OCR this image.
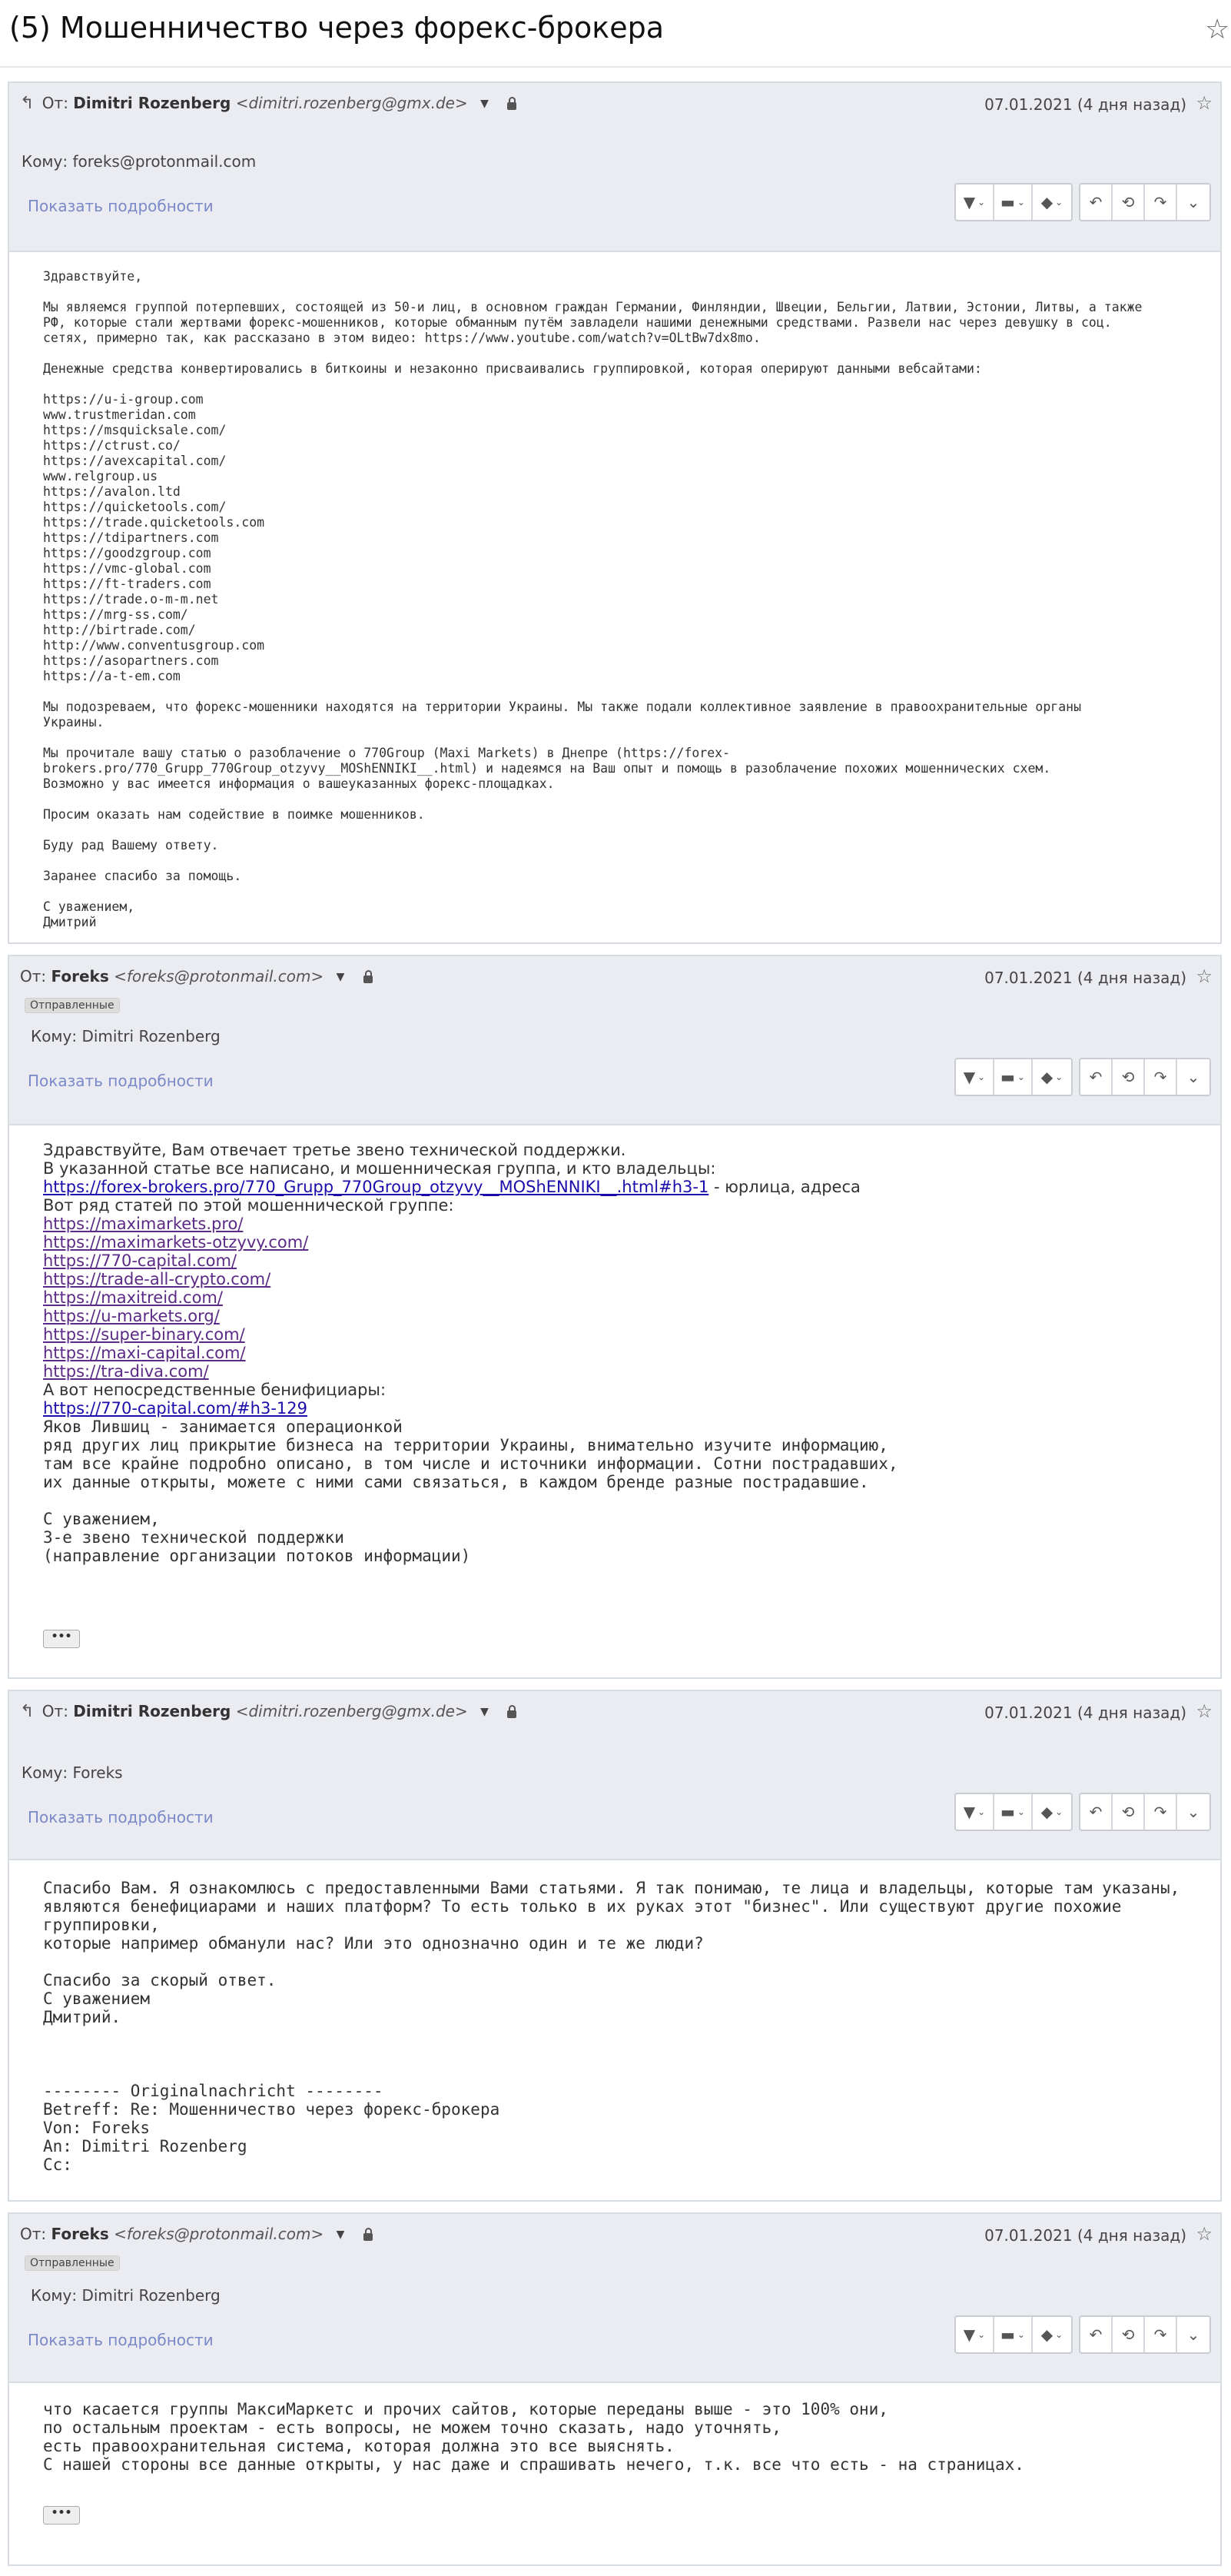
(5) Мошенничество через форекс-брокера	☆
↰ От: Dimitri Rozenberg <dimitri.rozenberg@gmx.de> ▼	07.01.2021 (4 дня назад) ☆
Кому: foreks@protonmail.com
Показать подробности	▼ ⌄ ▬ ⌄ ◆ ⌄ ↶ ⟲ ↷ ⌄
Здравствуйте,

Мы являемся группой потерпевших, состоящей из 50-и лиц, в основном граждан Германии, Финляндии, Швеции, Бельгии, Латвии, Эстонии, Литвы, а также
РФ, которые стали жертвами форекс-мошенников, которые обманным путём завладели нашими денежными средствами. Развели нас через девушку в соц.
сетях, примерно так, как рассказано в этом видео: https://www.youtube.com/watch?v=OLtBw7dx8mo.

Денежные средства конвертировались в биткоины и незаконно присваивались группировкой, которая оперируют данными вебсайтами:

https://u-i-group.com
www.trustmeridan.com
https://msquicksale.com/
https://ctrust.co/
https://avexcapital.com/
www.relgroup.us
https://avalon.ltd
https://quicketools.com/
https://trade.quicketools.com
https://tdipartners.com
https://goodzgroup.com
https://vmc-global.com
https://ft-traders.com
https://trade.o-m-m.net
https://mrg-ss.com/
http://birtrade.com/
http://www.conventusgroup.com
https://asopartners.com
https://a-t-em.com

Мы подозреваем, что форекс-мошенники находятся на территории Украины. Мы также подали коллективное заявление в правоохранительные органы
Украины.

Мы прочитале вашу статью о разоблачение о 770Group (Maxi Markets) в Днепре (https://forex-
brokers.pro/770_Grupp_770Group_otzyvy__MOShENNIKI__.html) и надеямся на Ваш опыт и помощь в разоблачение похожих мошеннических схем.
Возможно у вас имеется информация о вашеуказанных форекс-площадках.

Просим оказать нам содействие в поимке мошенников.

Буду рад Вашему ответу.

Заранее спасибо за помощь.

С уважением,
Дмитрий
От: Foreks <foreks@protonmail.com> ▼	07.01.2021 (4 дня назад) ☆
Отправленные
Кому: Dimitri Rozenberg
Показать подробности	▼ ⌄ ▬ ⌄ ◆ ⌄ ↶ ⟲ ↷ ⌄
Здравствуйте, Вам отвечает третье звено технической поддержки.
В указанной статье все написано, и мошенническая группа, и кто владельцы:
https://forex-brokers.pro/770_Grupp_770Group_otzyvy__MOShENNIKI__.html#h3-1 - юрлица, адреса
Вот ряд статей по этой мошеннической группе:
https://maximarkets.pro/
https://maximarkets-otzyvy.com/
https://770-capital.com/
https://trade-all-crypto.com/
https://maxitreid.com/
https://u-markets.org/
https://super-binary.com/
https://maxi-capital.com/
https://tra-diva.com/
А вот непосредственные бенифициары:
https://770-capital.com/#h3-129
Яков Лившиц - занимается операционкой
ряд других лиц прикрытие бизнеса на территории Украины, внимательно изучите информацию,
там все крайне подробно описано, в том числе и источники информации. Сотни пострадавших,
их данные открыты, можете с ними сами связаться, в каждом бренде разные пострадавшие.

С уважением,
3-е звено технической поддержки
(направление организации потоков информации)
•••
↰ От: Dimitri Rozenberg <dimitri.rozenberg@gmx.de> ▼	07.01.2021 (4 дня назад) ☆
Кому: Foreks
Показать подробности	▼ ⌄ ▬ ⌄ ◆ ⌄ ↶ ⟲ ↷ ⌄
Спасибо Вам. Я ознакомлюсь с предоставленными Вами статьями. Я так понимаю, те лица и владельцы, которые там указаны,
являются бенефициарами и наших платформ? То есть только в их руках этот "бизнес". Или существуют другие похожие группировки,
которые например обманули нас? Или это однозначно один и те же люди?

Спасибо за скорый ответ.
С уважением
Дмитрий.

-------- Originalnachricht --------
Betreff: Re: Мошенничество через форекс-брокера
Von: Foreks
An: Dimitri Rozenberg
Cc:
От: Foreks <foreks@protonmail.com> ▼	07.01.2021 (4 дня назад) ☆
Отправленные
Кому: Dimitri Rozenberg
Показать подробности	▼ ⌄ ▬ ⌄ ◆ ⌄ ↶ ⟲ ↷ ⌄
что касается группы МаксиМаркетс и прочих сайтов, которые переданы выше - это 100% они,
по остальным проектам - есть вопросы, не можем точно сказать, надо уточнять,
есть правоохранительная система, которая должна это все выяснять.
С нашей стороны все данные открыты, у нас даже и спрашивать нечего, т.к. все что есть - на страницах.
•••
